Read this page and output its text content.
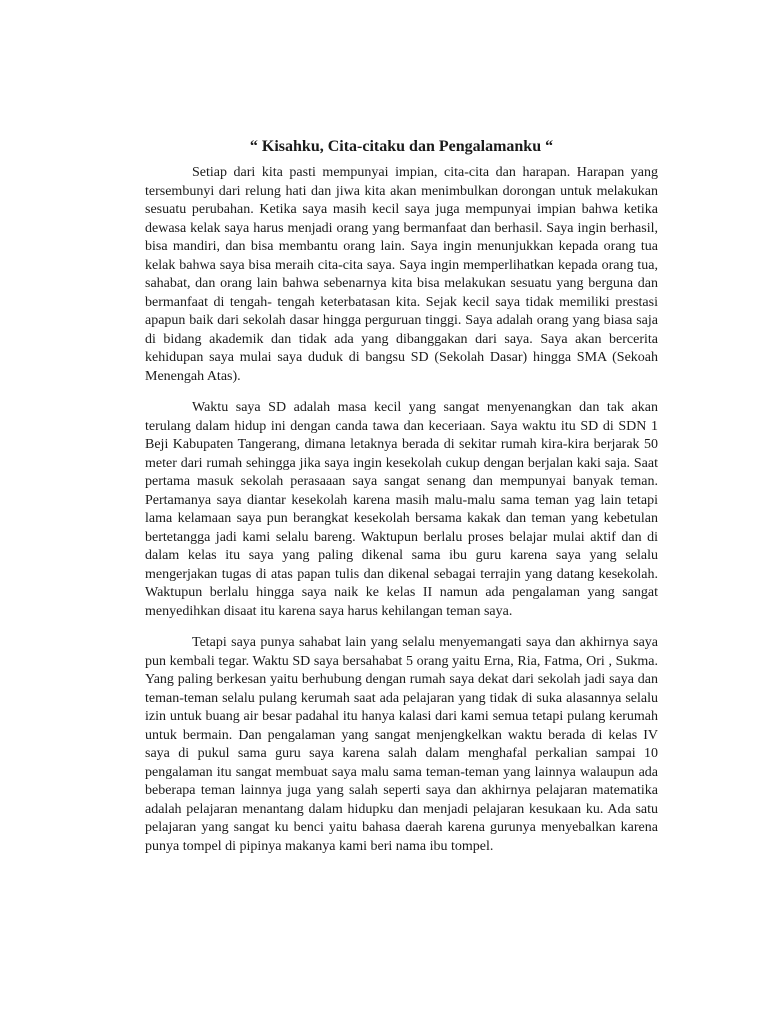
“ Kisahku, Cita-citaku dan Pengalamanku “

Setiap dari kita pasti mempunyai impian, cita-cita dan harapan. Harapan yang tersembunyi dari relung hati dan jiwa kita akan menimbulkan dorongan untuk melakukan sesuatu perubahan. Ketika saya masih kecil saya juga mempunyai impian bahwa ketika dewasa kelak saya harus menjadi orang yang bermanfaat dan berhasil. Saya ingin berhasil, bisa mandiri, dan bisa membantu orang lain. Saya ingin menunjukkan kepada orang tua kelak bahwa saya bisa meraih cita-cita saya. Saya ingin memperlihatkan kepada orang tua, sahabat, dan orang lain bahwa sebenarnya kita bisa melakukan sesuatu yang berguna dan bermanfaat di tengah- tengah keterbatasan kita. Sejak kecil saya tidak memiliki prestasi apapun baik dari sekolah dasar hingga perguruan tinggi. Saya adalah orang yang biasa saja di bidang akademik dan tidak ada yang dibanggakan dari saya. Saya akan bercerita kehidupan saya mulai saya duduk di bangsu SD (Sekolah Dasar) hingga SMA (Sekoah Menengah Atas).

Waktu saya SD adalah masa kecil yang sangat menyenangkan dan tak akan terulang dalam hidup ini dengan canda tawa dan keceriaan. Saya waktu itu SD di SDN 1 Beji Kabupaten Tangerang, dimana letaknya berada di sekitar rumah kira-kira berjarak 50 meter dari rumah sehingga jika saya ingin kesekolah cukup dengan berjalan kaki saja. Saat pertama masuk sekolah perasaaan saya sangat senang dan mempunyai banyak teman. Pertamanya saya diantar kesekolah karena masih malu-malu sama teman yag lain tetapi lama kelamaan saya pun berangkat kesekolah bersama kakak dan teman yang kebetulan bertetangga jadi kami selalu bareng. Waktupun berlalu proses belajar mulai aktif dan di dalam kelas itu saya yang paling dikenal sama ibu guru karena saya yang selalu mengerjakan tugas di atas papan tulis dan dikenal sebagai terrajin yang datang kesekolah. Waktupun berlalu hingga saya naik ke kelas II namun ada pengalaman yang sangat menyedihkan disaat itu karena saya harus kehilangan teman saya.

Tetapi saya punya sahabat lain yang selalu menyemangati saya dan akhirnya saya pun kembali tegar. Waktu SD saya bersahabat 5 orang yaitu Erna, Ria, Fatma, Ori , Sukma. Yang paling berkesan yaitu berhubung dengan rumah saya dekat dari sekolah jadi saya dan teman-teman selalu pulang kerumah saat ada pelajaran yang tidak di suka alasannya selalu izin untuk buang air besar padahal itu hanya kalasi dari kami semua tetapi pulang kerumah untuk bermain. Dan pengalaman yang sangat menjengkelkan waktu berada di kelas IV saya di pukul sama guru saya karena salah dalam menghafal perkalian sampai 10 pengalaman itu sangat membuat saya malu sama teman-teman yang lainnya walaupun ada beberapa teman lainnya juga yang salah seperti saya dan akhirnya pelajaran matematika adalah pelajaran menantang dalam hidupku dan menjadi pelajaran kesukaan ku. Ada satu pelajaran yang sangat ku benci yaitu bahasa daerah karena gurunya menyebalkan karena punya tompel di pipinya makanya kami beri nama ibu tompel.
